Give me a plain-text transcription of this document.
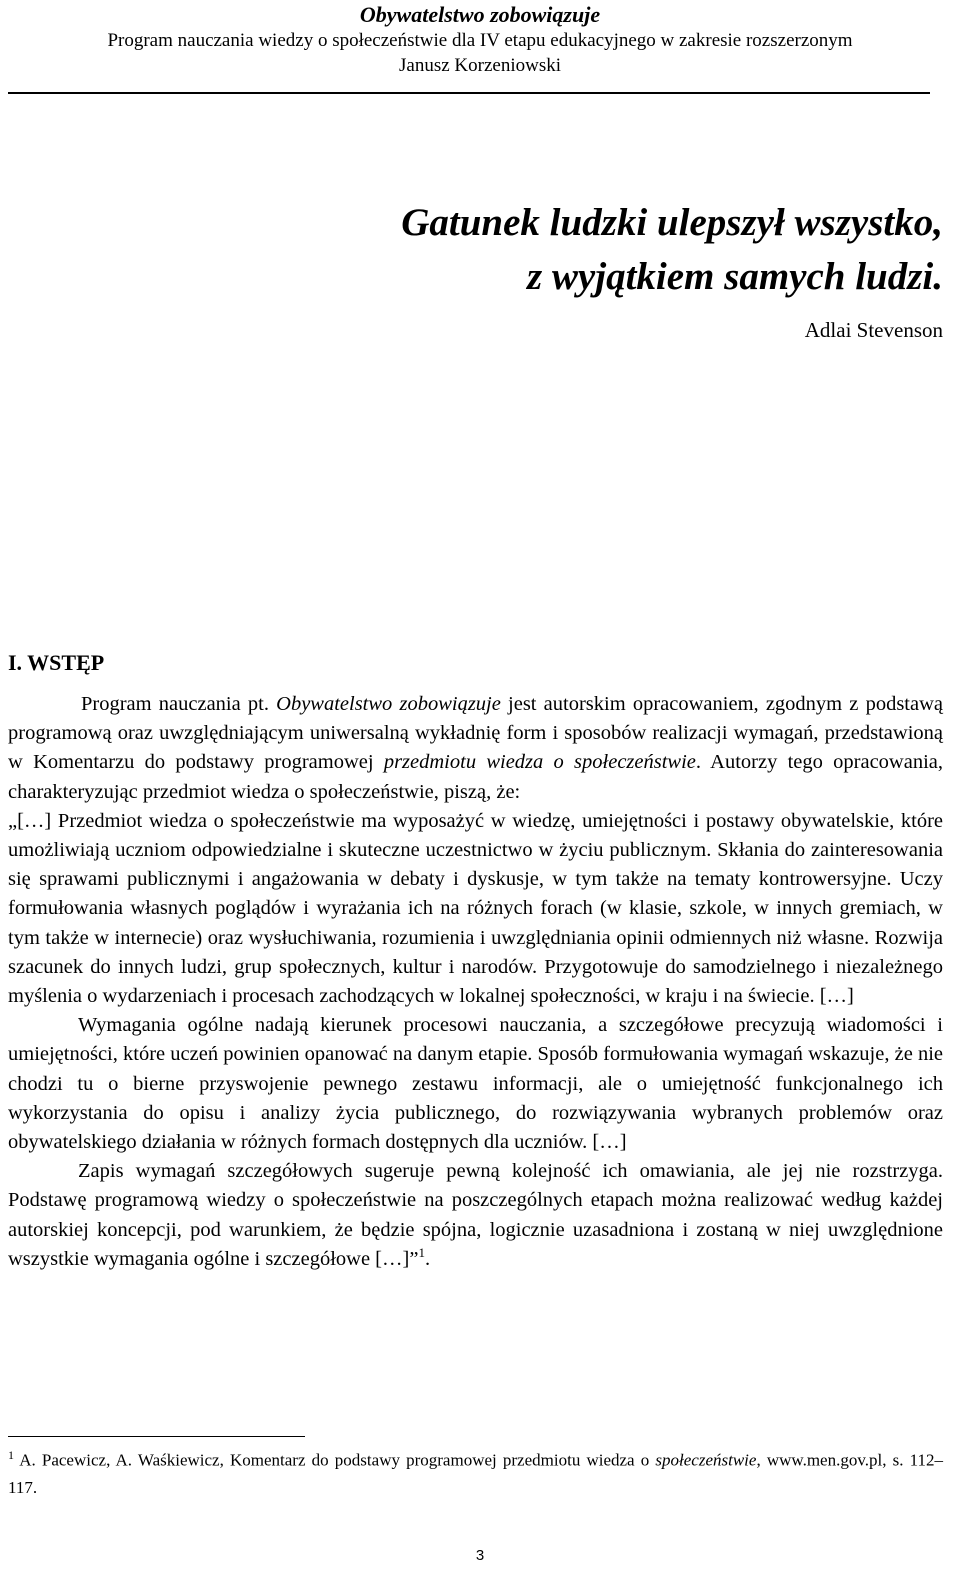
Obywatelstwo zobowiązuje
Program nauczania wiedzy o społeczeństwie dla IV etapu edukacyjnego w zakresie rozszerzonym
Janusz Korzeniowski
Gatunek ludzki ulepszył wszystko,
z wyjątkiem samych ludzi.
Adlai Stevenson
I. WSTĘP

Program nauczania pt. Obywatelstwo zobowiązuje jest autorskim opracowaniem, zgodnym z podstawą programową oraz uwzględniającym uniwersalną wykładnię form i sposobów realizacji wymagań, przedstawioną w Komentarzu do podstawy programowej przedmiotu wiedza o społeczeństwie. Autorzy tego opracowania, charakteryzując przedmiot wiedza o społeczeństwie, piszą, że:

„[…] Przedmiot wiedza o społeczeństwie ma wyposażyć w wiedzę, umiejętności i postawy obywatelskie, które umożliwiają uczniom odpowiedzialne i skuteczne uczestnictwo w życiu publicznym. Skłania do zainteresowania się sprawami publicznymi i angażowania w debaty i dyskusje, w tym także na tematy kontrowersyjne. Uczy formułowania własnych poglądów i wyrażania ich na różnych forach (w klasie, szkole, w innych gremiach, w tym także w internecie) oraz wysłuchiwania, rozumienia i uwzględniania opinii odmiennych niż własne. Rozwija szacunek do innych ludzi, grup społecznych, kultur i narodów. Przygotowuje do samodzielnego i niezależnego myślenia o wydarzeniach i procesach zachodzących w lokalnej społeczności, w kraju i na świecie. […]

Wymagania ogólne nadają kierunek procesowi nauczania, a szczegółowe precyzują wiadomości i umiejętności, które uczeń powinien opanować na danym etapie. Sposób formułowania wymagań wskazuje, że nie chodzi tu o bierne przyswojenie pewnego zestawu informacji, ale o umiejętność funkcjonalnego ich wykorzystania do opisu i analizy życia publicznego, do rozwiązywania wybranych problemów oraz obywatelskiego działania w różnych formach dostępnych dla uczniów. […]

Zapis wymagań szczegółowych sugeruje pewną kolejność ich omawiania, ale jej nie rozstrzyga. Podstawę programową wiedzy o społeczeństwie na poszczególnych etapach można realizować według każdej autorskiej koncepcji, pod warunkiem, że będzie spójna, logicznie uzasadniona i zostaną w niej uwzględnione wszystkie wymagania ogólne i szczegółowe […]”$^1$.

$^1$ A. Pacewicz, A. Waśkiewicz, Komentarz do podstawy programowej przedmiotu wiedza o społeczeństwie, www.men.gov.pl, s. 112–117.
3
